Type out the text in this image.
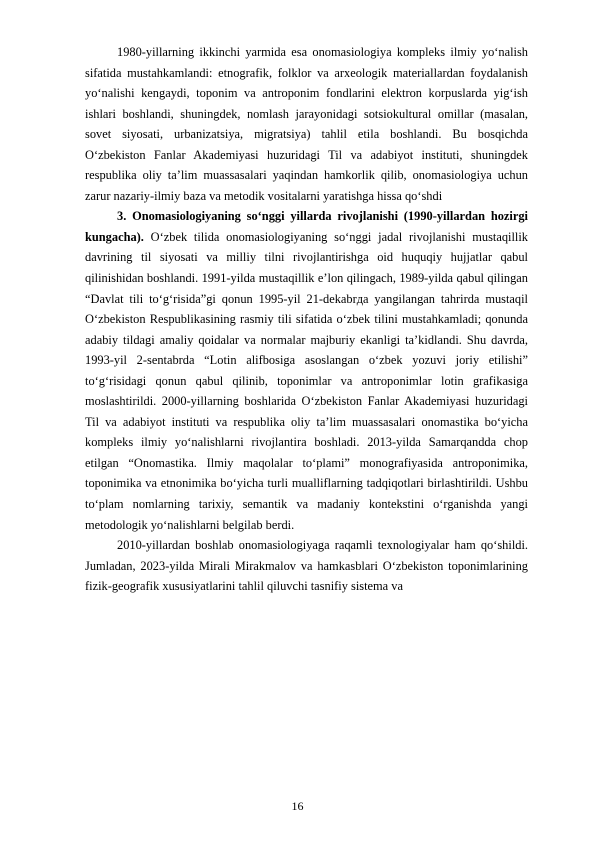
1980-yillarning ikkinchi yarmida esa onomasiologiya kompleks ilmiy yo‘nalish sifatida mustahkamlandi: etnografik, folklor va arxeologik materiallardan foydalanish yo‘nalishi kengaydi, toponim va antroponim fondlarini elektron korpuslarda yig‘ish ishlari boshlandi, shuningdek, nomlash jarayonidagi sotsiokultural omillar (masalan, sovet siyosati, urbanizatsiya, migratsiya) tahlil etila boshlandi. Bu bosqichda O‘zbekiston Fanlar Akademiyasi huzuridagi Til va adabiyot instituti, shuningdek respublika oliy ta’lim muassasalari yaqindan hamkorlik qilib, onomasiologiya uchun zarur nazariy-ilmiy baza va metodik vositalarni yaratishga hissa qo‘shdi

3. Onomasiologiyaning so‘nggi yillarda rivojlanishi (1990-yillardan hozirgi kungacha). O‘zbek tilida onomasiologiyaning so‘nggi jadal rivojlanishi mustaqillik davrining til siyosati va milliy tilni rivojlantirishga oid huquqiy hujjatlar qabul qilinishidan boshlandi. 1991-yilda mustaqillik e’lon qilingach, 1989-yilda qabul qilingan “Davlat tili to‘g‘risida”gi qonun 1995-yil 21-dekabrда yangilangan tahrirda mustaqil O‘zbekiston Respublikasining rasmiy tili sifatida o‘zbek tilini mustahkamladi; qonunda adabiy tildagi amaliy qoidalar va normalar majburiy ekanligi ta’kidlandi. Shu davrda, 1993-yil 2-sentabrda “Lotin alifbosiga asoslangan o‘zbek yozuvi joriy etilishi” to‘g‘risidagi qonun qabul qilinib, toponimlar va antroponimlar lotin grafikasiga moslashtirildi. 2000-yillarning boshlarida O‘zbekiston Fanlar Akademiyasi huzuridagi Til va adabiyot instituti va respublika oliy ta’lim muassasalari onomastika bo‘yicha kompleks ilmiy yo‘nalishlarni rivojlantira boshladi. 2013-yilda Samarqandda chop etilgan “Onomastika. Ilmiy maqolalar to‘plami” monografiyasida antroponimika, toponimika va etnonimika bo‘yicha turli mualliflarning tadqiqotlari birlashtirildi. Ushbu to‘plam nomlarning tarixiy, semantik va madaniy kontekstini o‘rganishda yangi metodologik yo‘nalishlarni belgilab berdi.

2010-yillardan boshlab onomasiologiyaga raqamli texnologiyalar ham qo‘shildi. Jumladan, 2023-yilda Mirali Mirakmalov va hamkasblari O‘zbekiston toponimlarining fizik-geografik xususiyatlarini tahlil qiluvchi tasnifiy sistema va

16
